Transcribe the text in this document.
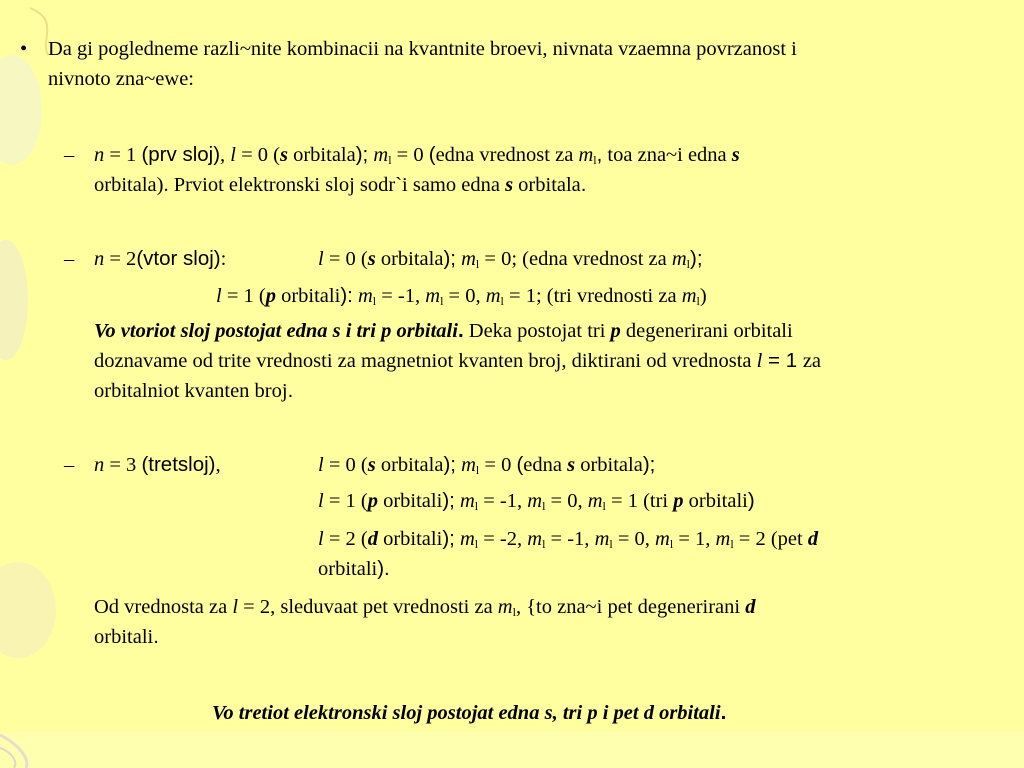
• Da gi pogledneme razli~nite kombinacii na kvantnite broevi, nivnata vzaemna povrzanost i
nivnoto zna~ewe:
– n = 1 (prv sloj), l = 0 (s orbitala); $m_l = 0$ (edna vrednost za $m_l$, toa zna~i edna s
orbitala). Prviot elektronski sloj sodr`i samo edna s orbitala.
– n = 2(vtor sloj):	l = 0 (s orbitala); $m_l = 0$; (edna vrednost za $m_l$);
l = 1 (p orbitali): $m_l = -1$, $m_l = 0$, $m_l = 1$; (tri vrednosti za $m_l$)
Vo vtoriot sloj postojat edna s i tri p orbitali. Deka postojat tri p degenerirani orbitali
doznavame od trite vrednosti za magnetniot kvanten broj, diktirani od vrednosta l = 1 za
orbitalniot kvanten broj.
– n = 3 (tretsloj),	l = 0 (s orbitala); $m_l = 0$ (edna s orbitala);
l = 1 (p orbitali); $m_l = -1$, $m_l = 0$, $m_l = 1$ (tri p orbitali)
l = 2 (d orbitali); $m_l = -2$, $m_l = -1$, $m_l = 0$, $m_l = 1$, $m_l = 2$ (pet d
orbitali).
Od vrednosta za l = 2, sleduvaat pet vrednosti za $m_l$, {to zna~i pet degenerirani d
orbitali.
Vo tretiot elektronski sloj postojat edna s, tri p i pet d orbitali.
